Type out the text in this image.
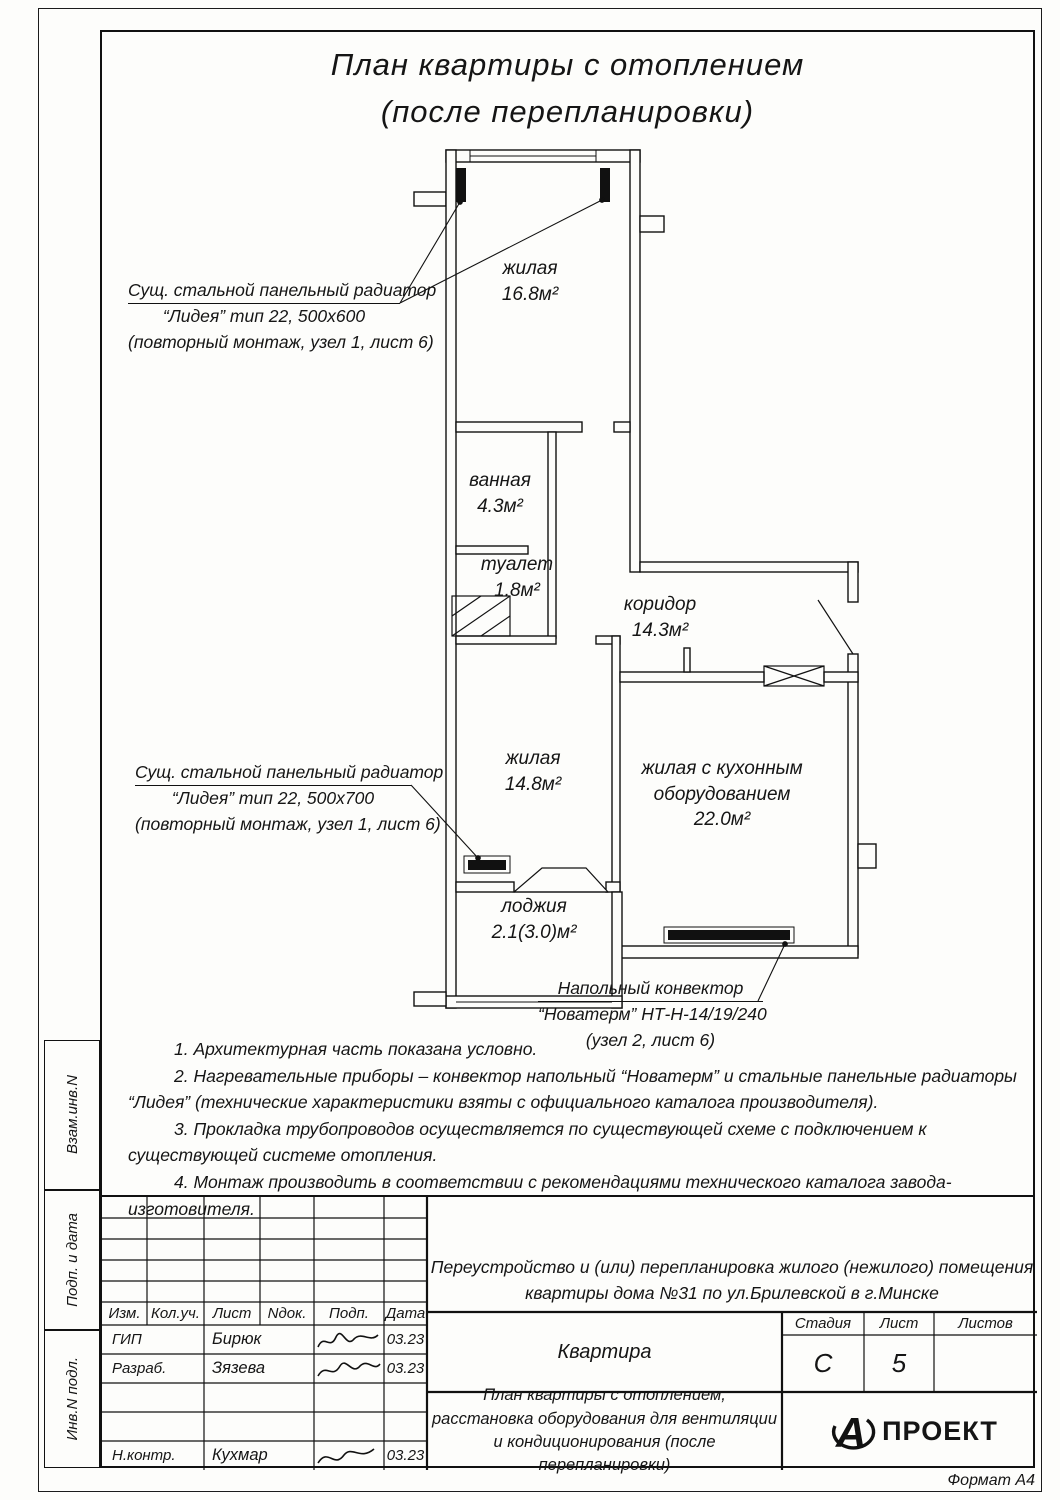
План квартиры с отоплением
(после перепланировки)
жилая
16.8м²
ванная
4.3м²
туалет
1.8м²
коридор
14.3м²
жилая
14.8м²
жилая с кухонным
оборудованием
22.0м²
лоджия
2.1(3.0)м²
Сущ. стальной панельный радиатор
“Лидея” тип 22, 500х600
(повторный монтаж, узел 1, лист 6)
Сущ. стальной панельный радиатор
“Лидея” тип 22, 500х700
(повторный монтаж, узел 1, лист 6)
Напольный конвектор
“Новатерм” НТ-Н-14/19/240
(узел 2, лист 6)

1. Архитектурная часть показана условно.

2. Нагревательные приборы – конвектор напольный “Новатерм” и стальные панельные радиаторы “Лидея” (технические характеристики взяты с официального каталога производителя).

3. Прокладка трубопроводов осуществляется по существующей схеме с подключением к существующей системе отопления.

4. Монтаж производить в соответствии с рекомендациями технического каталога завода-изготовителя.

Взам.инв.N
Подп. и дата
Инв.N подл.
Изм. Кол.уч. Лист	Nдок.	Подп.	Дата
ГИП	Бирюк	03.23
Разраб.	Зязева	03.23
Н.контр.	Кухмар	03.23
Переустройство и (или) перепланировка жилого (нежилого) помещения
квартиры дома №31 по ул.Брилевской в г.Минске
Квартира
Стадия	Лист	Листов
С	5
План квартиры с отоплением,
расстановка оборудования для вентиляции
и кондиционирования (после перепланировки)
А ПРОЕКТ
Формат А4
